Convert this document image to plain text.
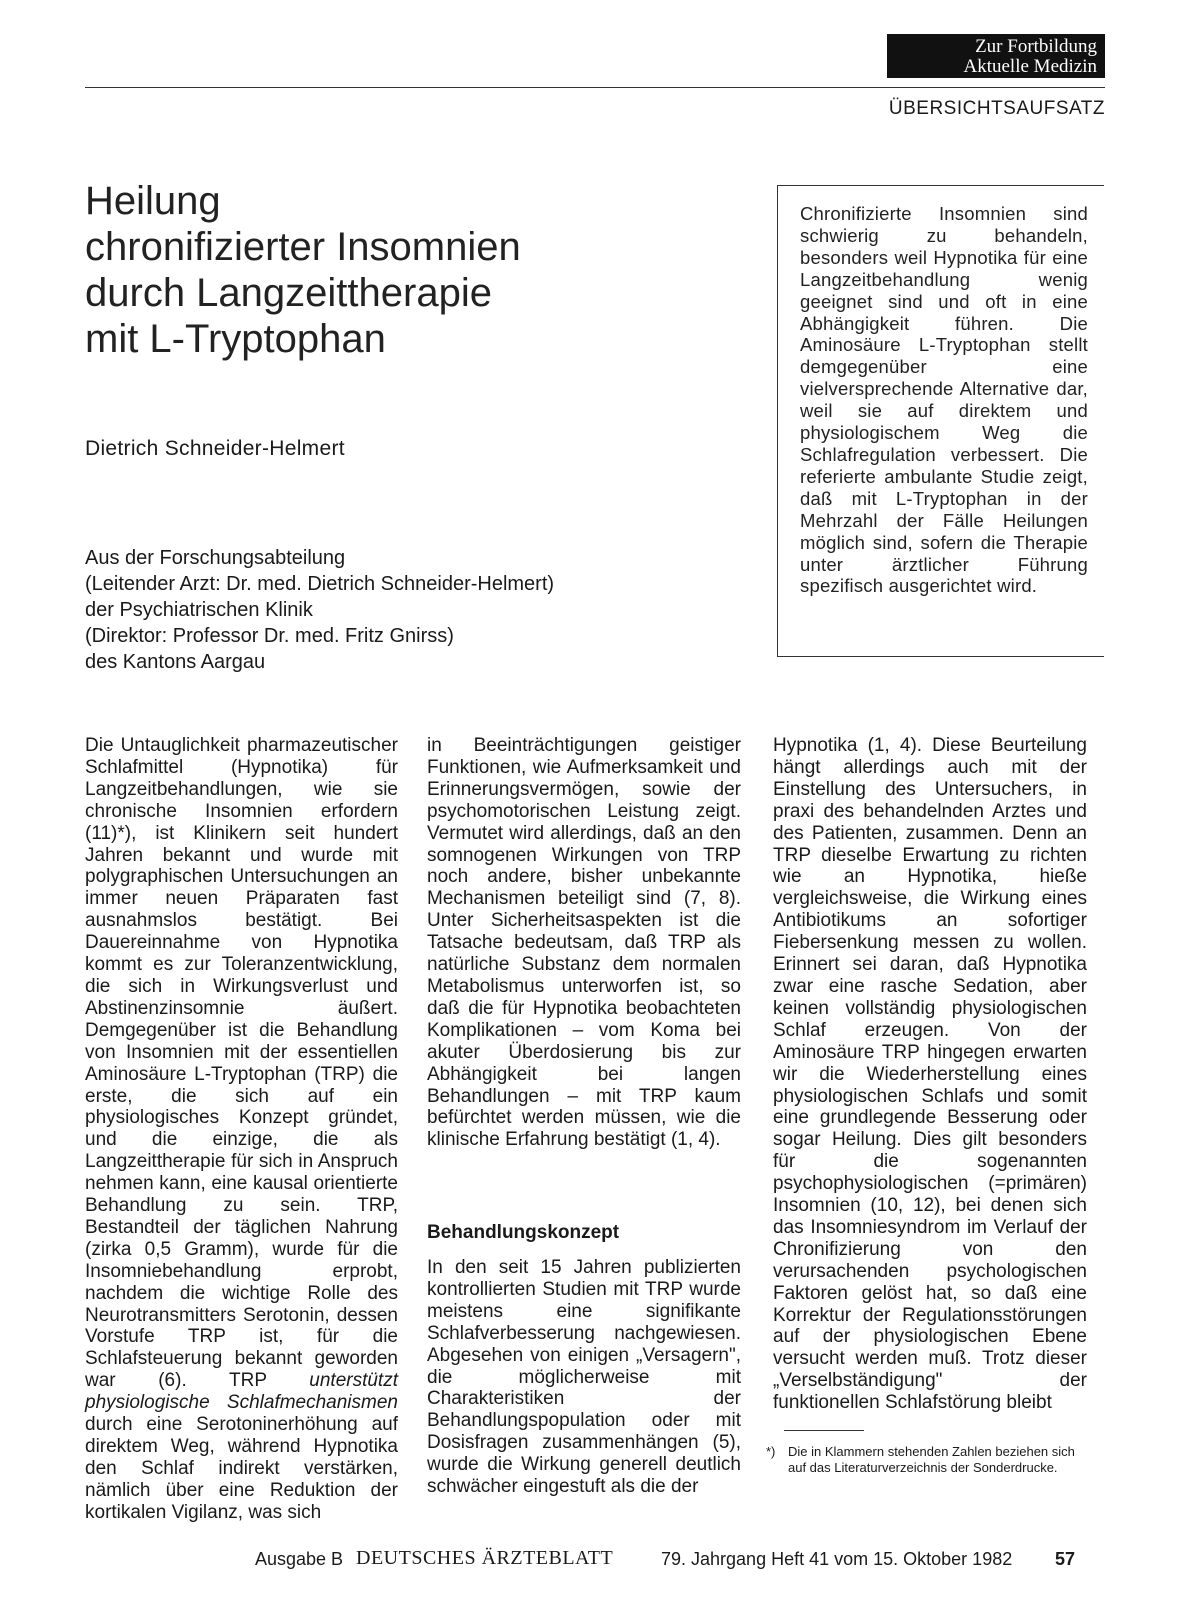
Zur Fortbildung
Aktuelle Medizin
ÜBERSICHTSAUFSATZ
Heilung
chronifizierter Insomnien
durch Langzeittherapie
mit L-Tryptophan
Dietrich Schneider-Helmert
Aus der Forschungsabteilung
(Leitender Arzt: Dr. med. Dietrich Schneider-Helmert)
der Psychiatrischen Klinik
(Direktor: Professor Dr. med. Fritz Gnirss)
des Kantons Aargau
Chronifizierte Insomnien sind schwierig zu behandeln, besonders weil Hypnotika für eine Langzeitbehandlung wenig geeignet sind und oft in eine Abhängigkeit führen. Die Aminosäure L-Tryptophan stellt demgegenüber eine vielversprechende Alternative dar, weil sie auf direktem und physiologischem Weg die Schlafregulation verbessert. Die referierte ambulante Studie zeigt, daß mit L-Tryptophan in der Mehrzahl der Fälle Heilungen möglich sind, sofern die Therapie unter ärztlicher Führung spezifisch ausgerichtet wird.

Die Untauglichkeit pharmazeutischer Schlafmittel (Hypnotika) für Langzeitbehandlungen, wie sie chronische Insomnien erfordern (11)*), ist Klinikern seit hundert Jahren bekannt und wurde mit polygraphischen Untersuchungen an immer neuen Präparaten fast ausnahmslos bestätigt. Bei Dauereinnahme von Hypnotika kommt es zur Toleranzentwicklung, die sich in Wirkungsverlust und Abstinenzinsomnie äußert. Demgegenüber ist die Behandlung von Insomnien mit der essentiellen Aminosäure L-Tryptophan (TRP) die erste, die sich auf ein physiologisches Konzept gründet, und die einzige, die als Langzeittherapie für sich in Anspruch nehmen kann, eine kausal orientierte Behandlung zu sein. TRP, Bestandteil der täglichen Nahrung (zirka 0,5 Gramm), wurde für die Insomniebehandlung erprobt, nachdem die wichtige Rolle des Neurotransmitters Serotonin, dessen Vorstufe TRP ist, für die Schlafsteuerung bekannt geworden war (6). TRP unterstützt physiologische Schlafmechanismen durch eine Serotoninerhöhung auf direktem Weg, während Hypnotika den Schlaf indirekt verstärken, nämlich über eine Reduktion der kortikalen Vigilanz, was sich

in Beeinträchtigungen geistiger Funktionen, wie Aufmerksamkeit und Erinnerungsvermögen, sowie der psychomotorischen Leistung zeigt. Vermutet wird allerdings, daß an den somnogenen Wirkungen von TRP noch andere, bisher unbekannte Mechanismen beteiligt sind (7, 8). Unter Sicherheitsaspekten ist die Tatsache bedeutsam, daß TRP als natürliche Substanz dem normalen Metabolismus unterworfen ist, so daß die für Hypnotika beobachteten Komplikationen – vom Koma bei akuter Überdosierung bis zur Abhängigkeit bei langen Behandlungen – mit TRP kaum befürchtet werden müssen, wie die klinische Erfahrung bestätigt (1, 4).

Behandlungskonzept

In den seit 15 Jahren publizierten kontrollierten Studien mit TRP wurde meistens eine signifikante Schlafverbesserung nachgewiesen. Abgesehen von einigen „Versagern", die möglicherweise mit Charakteristiken der Behandlungspopulation oder mit Dosisfragen zusammenhängen (5), wurde die Wirkung generell deutlich schwächer eingestuft als die der

Hypnotika (1, 4). Diese Beurteilung hängt allerdings auch mit der Einstellung des Untersuchers, in praxi des behandelnden Arztes und des Patienten, zusammen. Denn an TRP dieselbe Erwartung zu richten wie an Hypnotika, hieße vergleichsweise, die Wirkung eines Antibiotikums an sofortiger Fiebersenkung messen zu wollen. Erinnert sei daran, daß Hypnotika zwar eine rasche Sedation, aber keinen vollständig physiologischen Schlaf erzeugen. Von der Aminosäure TRP hingegen erwarten wir die Wiederherstellung eines physiologischen Schlafs und somit eine grundlegende Besserung oder sogar Heilung. Dies gilt besonders für die sogenannten psychophysiologischen (=primären) Insomnien (10, 12), bei denen sich das Insomniesyndrom im Verlauf der Chronifizierung von den verursachenden psychologischen Faktoren gelöst hat, so daß eine Korrektur der Regulationsstörungen auf der physiologischen Ebene versucht werden muß. Trotz dieser „Verselbständigung" der funktionellen Schlafstörung bleibt

*) Die in Klammern stehenden Zahlen beziehen sich auf das Literaturverzeichnis der Sonderdrucke.
Ausgabe B DEUTSCHES ÄRZTEBLATT	79. Jahrgang Heft 41 vom 15. Oktober 1982 57
